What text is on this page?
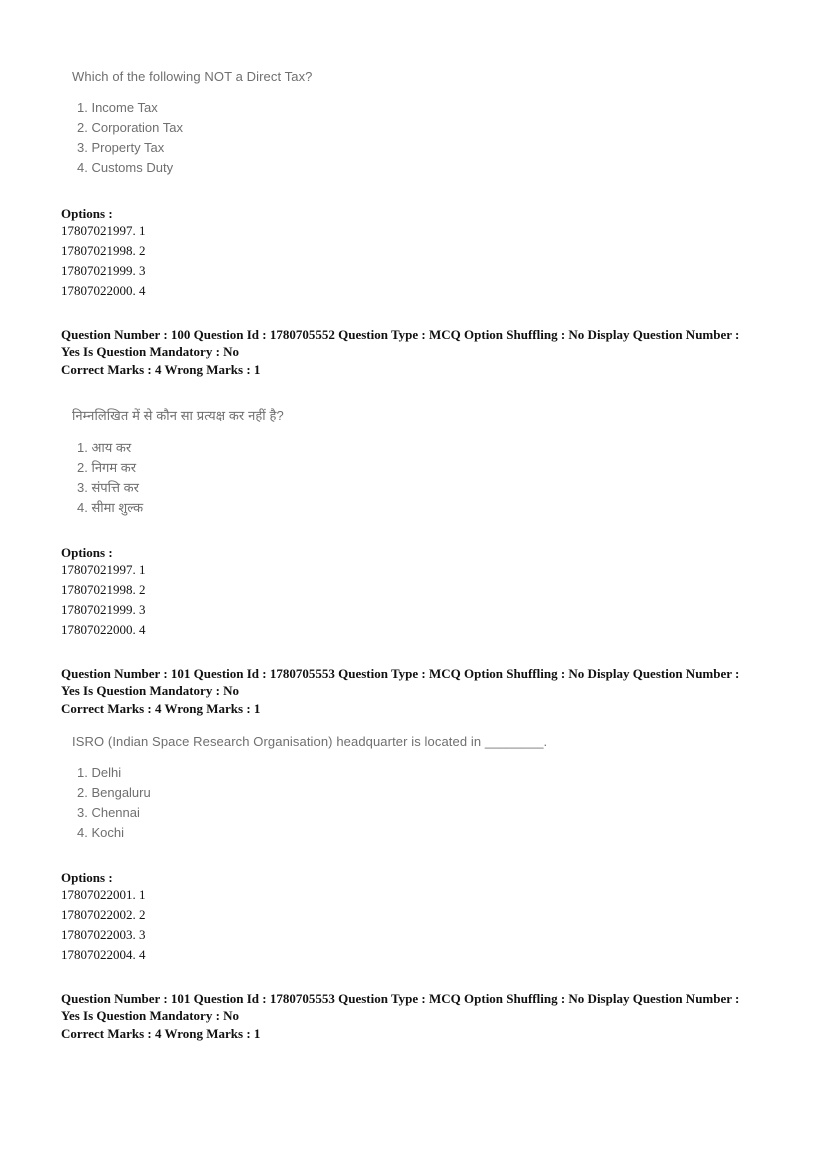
Which of the following NOT a Direct Tax?
1. Income Tax
2. Corporation Tax
3. Property Tax
4. Customs Duty
Options :
17807021997. 1
17807021998. 2
17807021999. 3
17807022000. 4
Question Number : 100 Question Id : 1780705552 Question Type : MCQ Option Shuffling : No Display Question Number :
Yes Is Question Mandatory : No
Correct Marks : 4 Wrong Marks : 1
निम्नलिखित में से कौन सा प्रत्यक्ष कर नहीं है?
1. आय कर
2. निगम कर
3. संपत्ति कर
4. सीमा शुल्क
Options :
17807021997. 1
17807021998. 2
17807021999. 3
17807022000. 4
Question Number : 101 Question Id : 1780705553 Question Type : MCQ Option Shuffling : No Display Question Number :
Yes Is Question Mandatory : No
Correct Marks : 4 Wrong Marks : 1
ISRO (Indian Space Research Organisation) headquarter is located in ________.
1. Delhi
2. Bengaluru
3. Chennai
4. Kochi
Options :
17807022001. 1
17807022002. 2
17807022003. 3
17807022004. 4
Question Number : 101 Question Id : 1780705553 Question Type : MCQ Option Shuffling : No Display Question Number :
Yes Is Question Mandatory : No
Correct Marks : 4 Wrong Marks : 1
